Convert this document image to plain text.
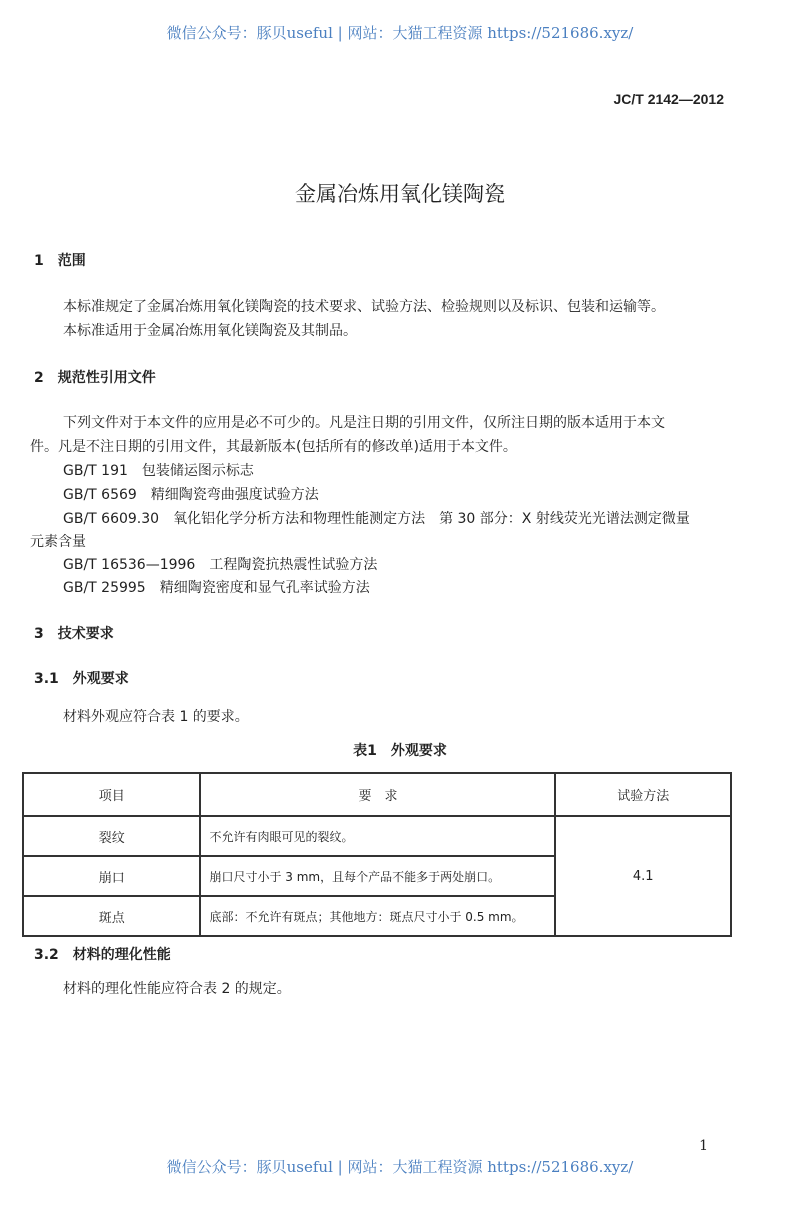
微信公众号：豚贝useful | 网站：大猫工程资源 https://521686.xyz/
JC/T 2142—2012
金属冶炼用氧化镁陶瓷
1　范围
本标准规定了金属冶炼用氧化镁陶瓷的技术要求、试验方法、检验规则以及标识、包装和运输等。
本标准适用于金属冶炼用氧化镁陶瓷及其制品。
2　规范性引用文件
下列文件对于本文件的应用是必不可少的。凡是注日期的引用文件，仅所注日期的版本适用于本文
件。凡是不注日期的引用文件，其最新版本(包括所有的修改单)适用于本文件。
GB/T 191　包装储运图示标志
GB/T 6569　精细陶瓷弯曲强度试验方法
GB/T 6609.30　氧化铝化学分析方法和物理性能测定方法　第 30 部分：X 射线荧光光谱法测定微量
元素含量
GB/T 16536—1996　工程陶瓷抗热震性试验方法
GB/T 25995　精细陶瓷密度和显气孔率试验方法
3　技术要求
3.1　外观要求
材料外观应符合表 1 的要求。
表1　外观要求
项目	要　求	试验方法
裂纹	不允许有肉眼可见的裂纹。	4.1
崩口	崩口尺寸小于 3 mm，且每个产品不能多于两处崩口。	
斑点	底部：不允许有斑点；其他地方：斑点尺寸小于 0.5 mm。	
3.2　材料的理化性能
材料的理化性能应符合表 2 的规定。
1
微信公众号：豚贝useful | 网站：大猫工程资源 https://521686.xyz/
